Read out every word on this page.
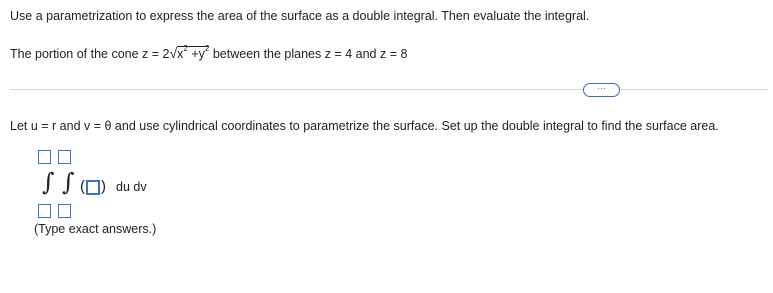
Use a parametrization to express the area of the surface as a double integral. Then evaluate the integral.
The portion of the cone $z = 2√x^2 +y^2$ between the planes z = 4 and z = 8
···
Let u = r and v = θ and use cylindrical coordinates to parametrize the surface. Set up the double integral to find the surface area.
∫ ∫ ( ) du dv
(Type exact answers.)
